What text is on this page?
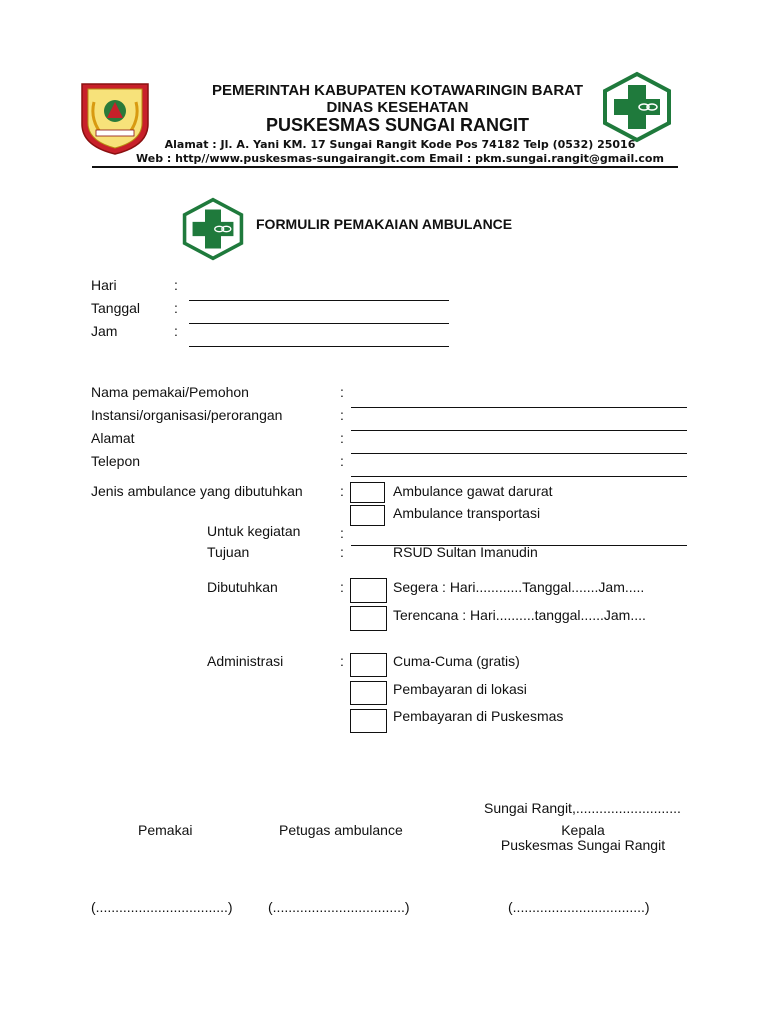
PEMERINTAH KABUPATEN KOTAWARINGIN BARAT
DINAS KESEHATAN
PUSKESMAS SUNGAI RANGIT
Alamat : Jl. A. Yani KM. 17 Sungai Rangit Kode Pos 74182 Telp (0532) 25016
Web : http//www.puskesmas-sungairangit.com Email : pkm.sungai.rangit@gmail.com
FORMULIR PEMAKAIAN AMBULANCE
Hari	:
Tanggal :
Jam	:
Nama pemakai/Pemohon	:
Instansi/organisasi/perorangan	:
Alamat	:
Telepon	:
Jenis ambulance yang dibutuhkan	:	Ambulance gawat darurat
Ambulance transportasi
Untuk kegiatan	:
Tujuan	:	RSUD Sultan Imanudin
Dibutuhkan	:	Segera : Hari............Tanggal.......Jam.....
Terencana : Hari..........tanggal......Jam....
Administrasi	:	Cuma-Cuma (gratis)
Pembayaran di lokasi
Pembayaran di Puskesmas
Sungai Rangit,...........................
Pemakai	Petugas ambulance	Kepala
Puskesmas Sungai Rangit
(..................................)	(..................................)	(..................................)
